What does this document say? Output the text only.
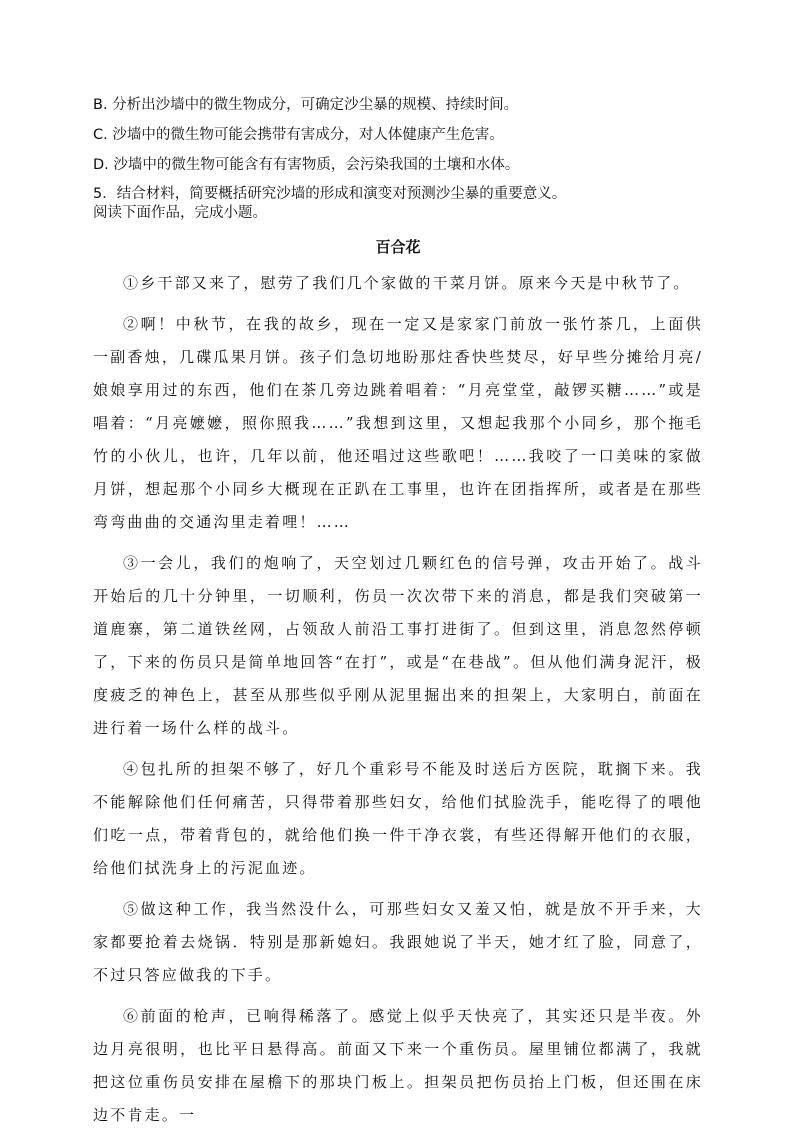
B. 分析出沙墙中的微生物成分，可确定沙尘暴的规模、持续时间。

C. 沙墙中的微生物可能会携带有害成分，对人体健康产生危害。

D. 沙墙中的微生物可能含有有害物质，会污染我国的土壤和水体。

5．结合材料，简要概括研究沙墙的形成和演变对预测沙尘暴的重要意义。

阅读下面作品，完成小题。

百合花

①乡干部又来了，慰劳了我们几个家做的干菜月饼。原来今天是中秋节了。

②啊！中秋节，在我的故乡，现在一定又是家家门前放一张竹茶几，上面供一副香烛，几碟瓜果月饼。孩子们急切地盼那炷香快些焚尽，好早些分摊给月亮/娘娘享用过的东西，他们在茶几旁边跳着唱着：“月亮堂堂，敲锣买糖……”或是唱着：“月亮嬷嬷，照你照我……”我想到这里，又想起我那个小同乡，那个拖毛竹的小伙儿，也许，几年以前，他还唱过这些歌吧！……我咬了一口美味的家做月饼，想起那个小同乡大概现在正趴在工事里，也许在团指挥所，或者是在那些弯弯曲曲的交通沟里走着哩！……

③一会儿，我们的炮响了，天空划过几颗红色的信号弹，攻击开始了。战斗开始后的几十分钟里，一切顺利，伤员一次次带下来的消息，都是我们突破第一道鹿寨，第二道铁丝网，占领敌人前沿工事打进街了。但到这里，消息忽然停顿了，下来的伤员只是简单地回答“在打”，或是“在巷战”。但从他们满身泥汗，极度疲乏的神色上，甚至从那些似乎刚从泥里掘出来的担架上，大家明白，前面在进行着一场什么样的战斗。

④包扎所的担架不够了，好几个重彩号不能及时送后方医院，耽搁下来。我不能解除他们任何痛苦，只得带着那些妇女，给他们拭脸洗手，能吃得了的喂他们吃一点，带着背包的，就给他们换一件干净衣裳，有些还得解开他们的衣服，给他们拭洗身上的污泥血迹。

⑤做这种工作，我当然没什么，可那些妇女又羞又怕，就是放不开手来，大家都要抢着去烧锅．特别是那新媳妇。我跟她说了半天，她才红了脸，同意了，不过只答应做我的下手。

⑥前面的枪声，已响得稀落了。感觉上似乎天快亮了，其实还只是半夜。外边月亮很明，也比平日悬得高。前面又下来一个重伤员。屋里铺位都满了，我就把这位重伤员安排在屋檐下的那块门板上。担架员把伤员抬上门板，但还围在床边不肯走。一
